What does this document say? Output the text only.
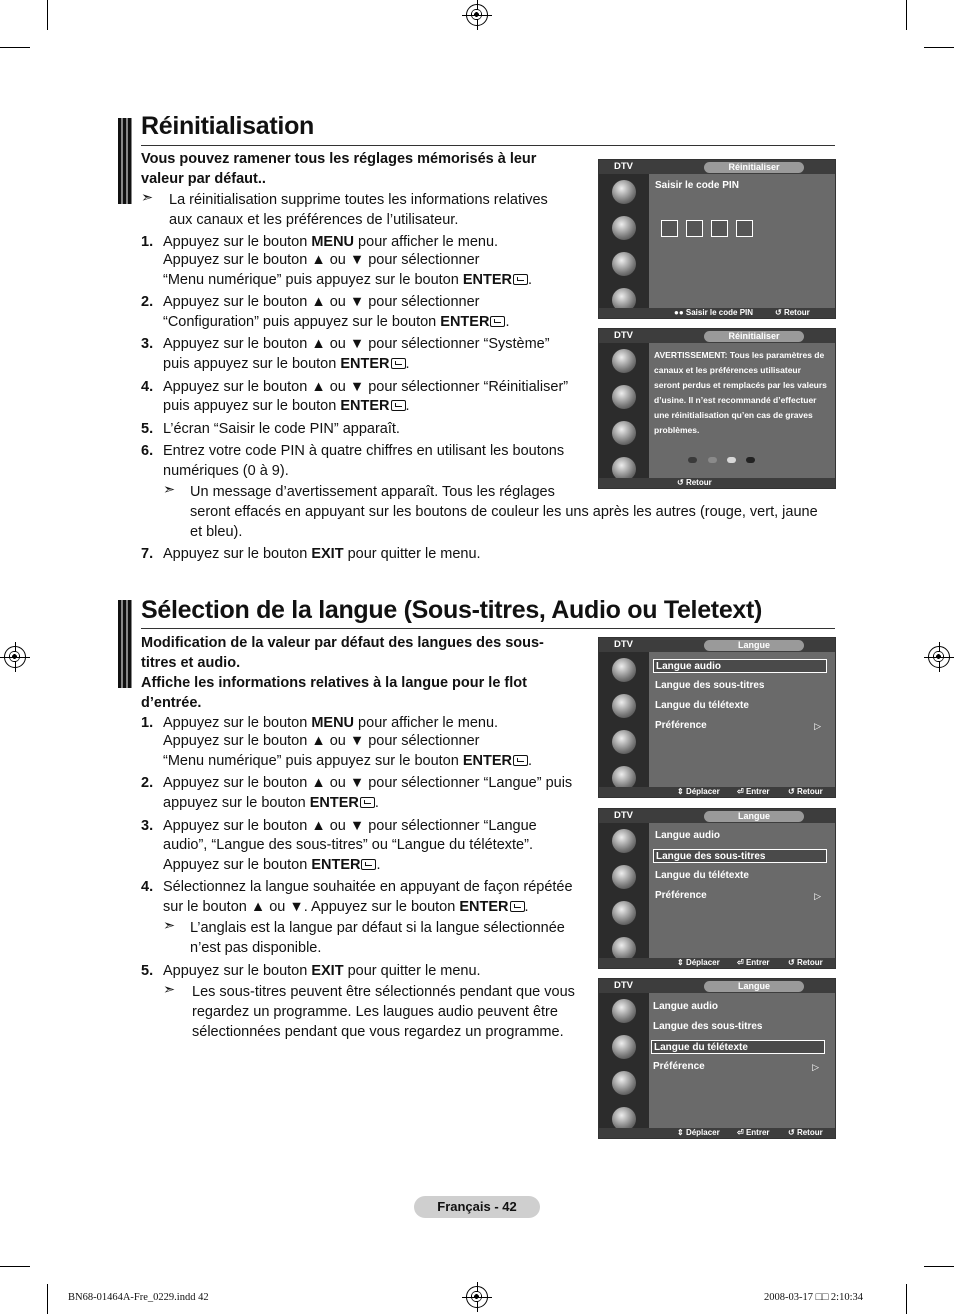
Réinitialisation
Vous pouvez ramener tous les réglages mémorisés à leur valeur par défaut..
➣ La réinitialisation supprime toutes les informations relatives aux canaux et les préférences de l’utilisateur.
1. Appuyez sur le bouton MENU pour afficher le menu.
Appuyez sur le bouton ▲ ou ▼ pour sélectionner
“Menu numérique” puis appuyez sur le bouton ENTER .
2. Appuyez sur le bouton ▲ ou ▼ pour sélectionner
“Configuration” puis appuyez sur le bouton ENTER .
3. Appuyez sur le bouton ▲ ou ▼ pour sélectionner “Système”
puis appuyez sur le bouton ENTER .
4. Appuyez sur le bouton ▲ ou ▼ pour sélectionner “Réinitialiser”
puis appuyez sur le bouton ENTER .
5. L’écran “Saisir le code PIN” apparaît.
6. Entrez votre code PIN à quatre chiffres en utilisant les boutons
numériques (0 à 9).
➣ Un message d’avertissement apparaît. Tous les réglages
seront effacés en appuyant sur les boutons de couleur les uns après les autres (rouge, vert, jaune
et bleu).
7. Appuyez sur le bouton EXIT pour quitter le menu.
DTV	Réinitialiser
Saisir le code PIN
●● Saisir le code PIN	↺ Retour
DTV	Réinitialiser
AVERTISSEMENT: Tous les paramètres de canaux et les préférences utilisateur seront perdus et remplacés par les valeurs d’usine. Il n’est recommandé d’effectuer une réinitialisation qu’en cas de graves problèmes.
↺ Retour
Sélection de la langue (Sous-titres, Audio ou Teletext)
Modification de la valeur par défaut des langues des sous-titres et audio.
Affiche les informations relatives à la langue pour le flot d’entrée.
1. Appuyez sur le bouton MENU pour afficher le menu.
Appuyez sur le bouton ▲ ou ▼ pour sélectionner
“Menu numérique” puis appuyez sur le bouton ENTER .
2. Appuyez sur le bouton ▲ ou ▼ pour sélectionner “Langue” puis
appuyez sur le bouton ENTER .
3. Appuyez sur le bouton ▲ ou ▼ pour sélectionner “Langue
audio”, “Langue des sous-titres” ou “Langue du télétexte”.
Appuyez sur le bouton ENTER .
4. Sélectionnez la langue souhaitée en appuyant de façon répétée
sur le bouton ▲ ou ▼. Appuyez sur le bouton ENTER .
➣ L’anglais est la langue par défaut si la langue sélectionnée
n’est pas disponible.
5. Appuyez sur le bouton EXIT pour quitter le menu.
➣ Les sous-titres peuvent être sélectionnés pendant que vous
regardez un programme. Les laugues audio peuvent être
sélectionnées pendant que vous regardez un programme.
DTV	Langue
Langue audio
Langue des sous-titres
Langue du télétexte
Préférence	▷
⇕ Déplacer ⏎ Entrer ↺ Retour
DTV	Langue
Langue audio
Langue des sous-titres
Langue du télétexte
Préférence	▷
⇕ Déplacer ⏎ Entrer ↺ Retour
DTV	Langue
Langue audio
Langue des sous-titres
Langue du télétexte
Préférence	▷
⇕ Déplacer ⏎ Entrer ↺ Retour
Français - 42
BN68-01464A-Fre_0229.indd 42	2008-03-17 □□ 2:10:34
